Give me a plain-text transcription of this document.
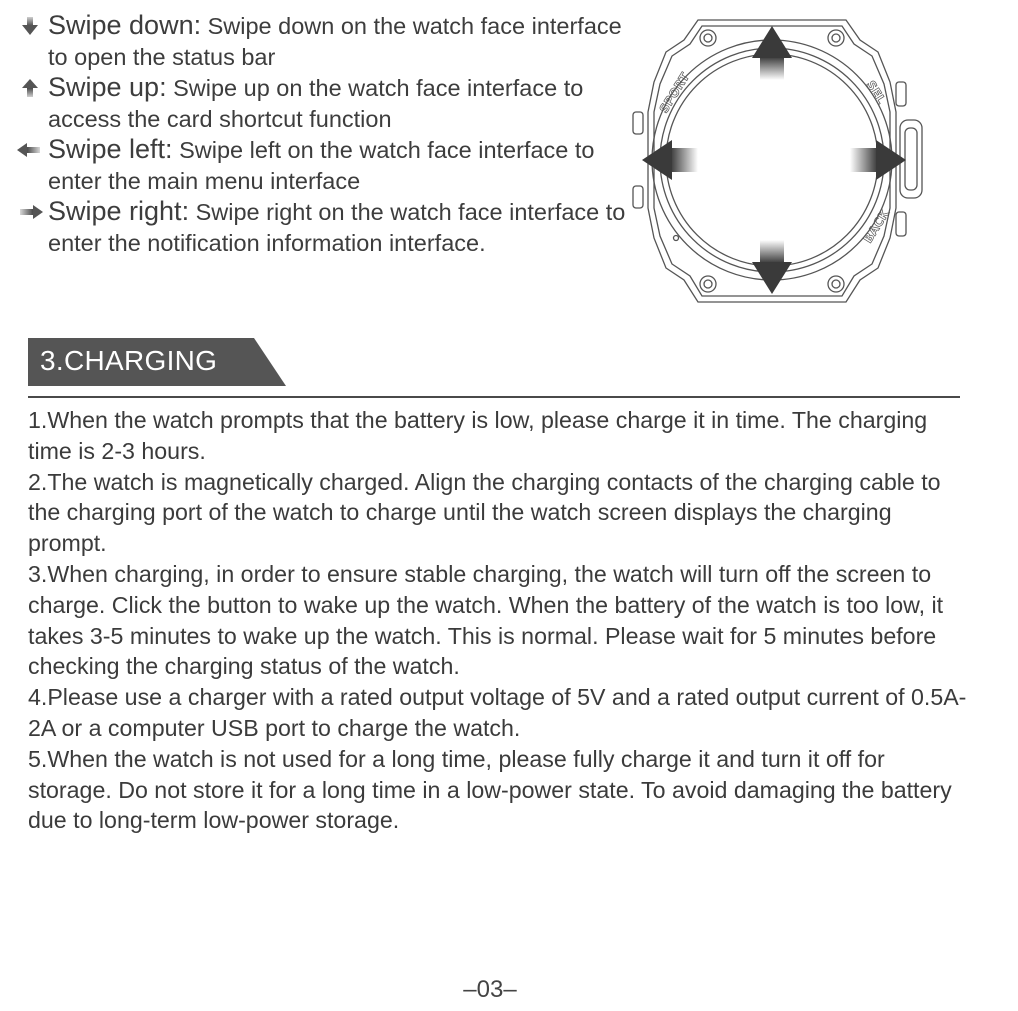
Swipe down: Swipe down on the watch face interface to open the status bar
Swipe up: Swipe up on the watch face interface to access the card shortcut function
Swipe left: Swipe left on the watch face interface to enter the main menu interface
Swipe right: Swipe right on the watch face interface to enter the notification information interface.
SPORT	SEL
BACK
3.CHARGING

1.When the watch prompts that the battery is low, please charge it in time. The charging time is 2-3 hours.

2.The watch is magnetically charged. Align the charging contacts of the charging cable to the charging port of the watch to charge until the watch screen displays the charging prompt.

3.When charging, in order to ensure stable charging, the watch will turn off the screen to charge. Click the button to wake up the watch. When the battery of the watch is too low, it takes 3-5 minutes to wake up the watch. This is normal. Please wait for 5 minutes before checking the charging status of the watch.

4.Please use a charger with a rated output voltage of 5V and a rated output current of 0.5A-2A or a computer USB port to charge the watch.

5.When the watch is not used for a long time, please fully charge it and turn it off for storage. Do not store it for a long time in a low-power state. To avoid damaging the battery due to long-term low-power storage.

–03–
